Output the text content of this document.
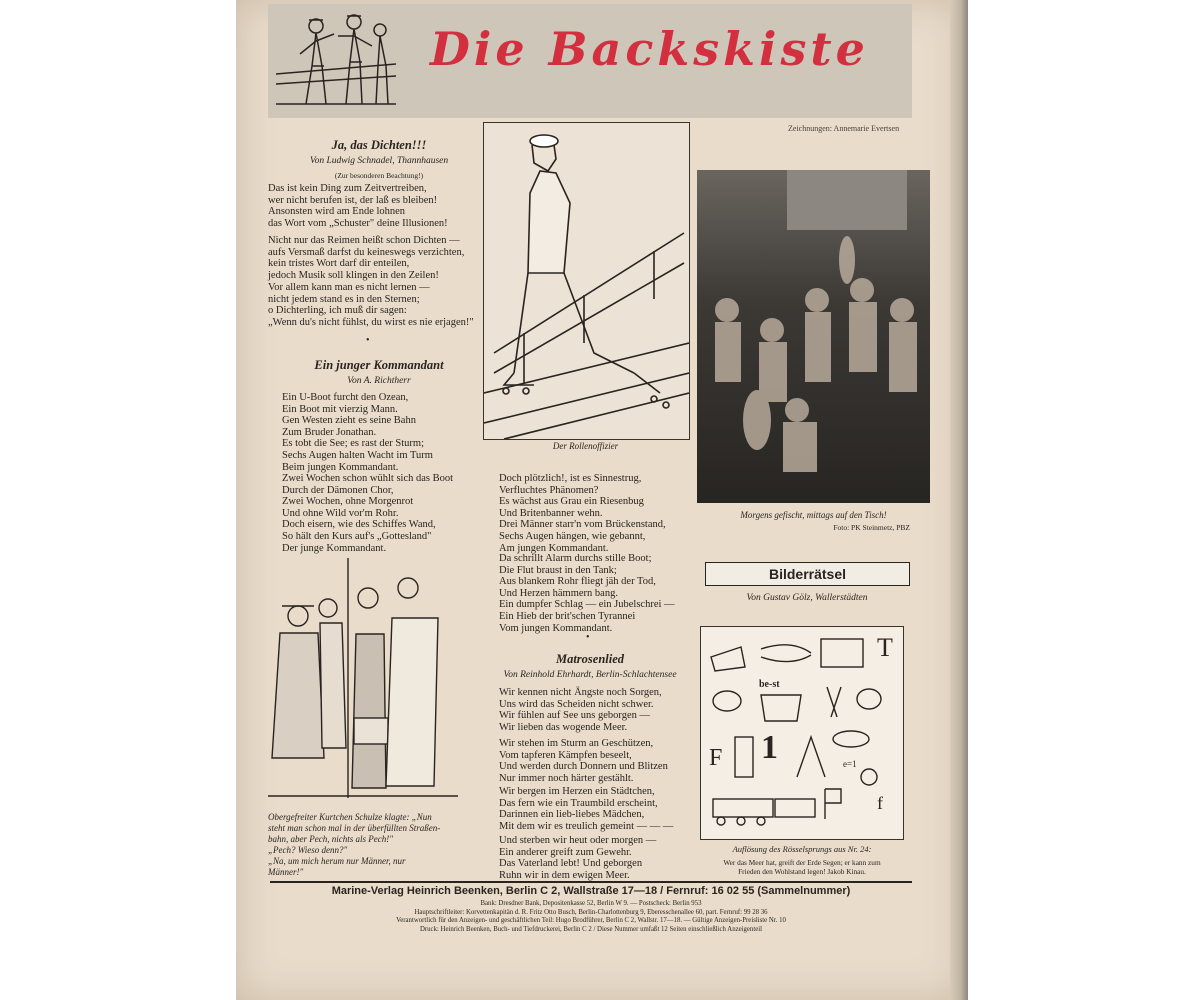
Die Backskiste
Zeichnungen: Annemarie Evertsen
Ja, das Dichten!!!
Von Ludwig Schnadel, Thannhausen
(Zur besonderen Beachtung!)
Das ist kein Ding zum Zeitvertreiben,
wer nicht berufen ist, der laß es bleiben!
Ansonsten wird am Ende lohnen
das Wort vom „Schuster" deine Illusionen!
Nicht nur das Reimen heißt schon Dichten —
aufs Versmaß darfst du keineswegs verzichten,
kein tristes Wort darf dir enteilen,
jedoch Musik soll klingen in den Zeilen!
Vor allem kann man es nicht lernen —
nicht jedem stand es in den Sternen;
o Dichterling, ich muß dir sagen:
„Wenn du's nicht fühlst, du wirst es nie erjagen!"
•
Ein junger Kommandant
Von A. Richtherr
Ein U-Boot furcht den Ozean,
Ein Boot mit vierzig Mann.
Gen Westen zieht es seine Bahn
Zum Bruder Jonathan.
Es tobt die See; es rast der Sturm;
Sechs Augen halten Wacht im Turm
Beim jungen Kommandant.
Zwei Wochen schon wühlt sich das Boot
Durch der Dämonen Chor,
Zwei Wochen, ohne Morgenrot
Und ohne Wild vor'm Rohr.
Doch eisern, wie des Schiffes Wand,
So hält den Kurs auf's „Gottesland"
Der junge Kommandant.
Doch plötzlich!, ist es Sinnestrug,
Verfluchtes Phänomen?
Es wächst aus Grau ein Riesenbug
Und Britenbanner wehn.
Drei Männer starr'n vom Brückenstand,
Sechs Augen hängen, wie gebannt,
Am jungen Kommandant.
Da schrillt Alarm durchs stille Boot;
Die Flut braust in den Tank;
Aus blankem Rohr fliegt jäh der Tod,
Und Herzen hämmern bang.
Ein dumpfer Schlag — ein Jubelschrei —
Ein Hieb der brit'schen Tyrannei
Vom jungen Kommandant.
•
Der Rollenoffizier
Morgens gefischt, mittags auf den Tisch!
Foto: PK Steinmetz, PBZ
Obergefreiter Kurtchen Schulze klagte: „Nun
steht man schon mal in der überfüllten Straßen-
bahn, aber Pech, nichts als Pech!"
„Pech? Wieso denn?"
„Na, um mich herum nur Männer, nur
Männer!"
Matrosenlied
Von Reinhold Ehrhardt, Berlin-Schlachtensee
Wir kennen nicht Ängste noch Sorgen,
Uns wird das Scheiden nicht schwer.
Wir fühlen auf See uns geborgen —
Wir lieben das wogende Meer.
Wir stehen im Sturm an Geschützen,
Vom tapferen Kämpfen beseelt,
Und werden durch Donnern und Blitzen
Nur immer noch härter gestählt.
Wir bergen im Herzen ein Städtchen,
Das fern wie ein Traumbild erscheint,
Darinnen ein lieb-liebes Mädchen,
Mit dem wir es treulich gemeint — — —
Und sterben wir heut oder morgen —
Ein anderer greift zum Gewehr.
Das Vaterland lebt! Und geborgen
Ruhn wir in dem ewigen Meer.
Bilderrätsel
Von Gustav Gölz, Wallerstädten
T
be-st
F 1	e=1
f
Auflösung des Rösselsprungs aus Nr. 24:
Wer das Meer hat, greift der Erde Segen; er kann zum
Frieden den Wohlstand legen! Jakob Kinau.
Marine-Verlag Heinrich Beenken, Berlin C 2, Wallstraße 17—18 / Fernruf: 16 02 55 (Sammelnummer)
Bank: Dresdner Bank, Depositenkasse 52, Berlin W 9. — Postscheck: Berlin 953
Hauptschriftleiter: Korvettenkapitän d. R. Fritz Otto Busch, Berlin-Charlottenburg 9, Eberesschenallee 60, part. Fernruf: 99 28 36
Verantwortlich für den Anzeigen- und geschäftlichen Teil: Hugo Brodführer, Berlin C 2, Wallstr. 17—18. — Gültige Anzeigen-Preisliste Nr. 10
Druck: Heinrich Beenken, Buch- und Tiefdruckerei, Berlin C 2 / Diese Nummer umfaßt 12 Seiten einschließlich Anzeigenteil
